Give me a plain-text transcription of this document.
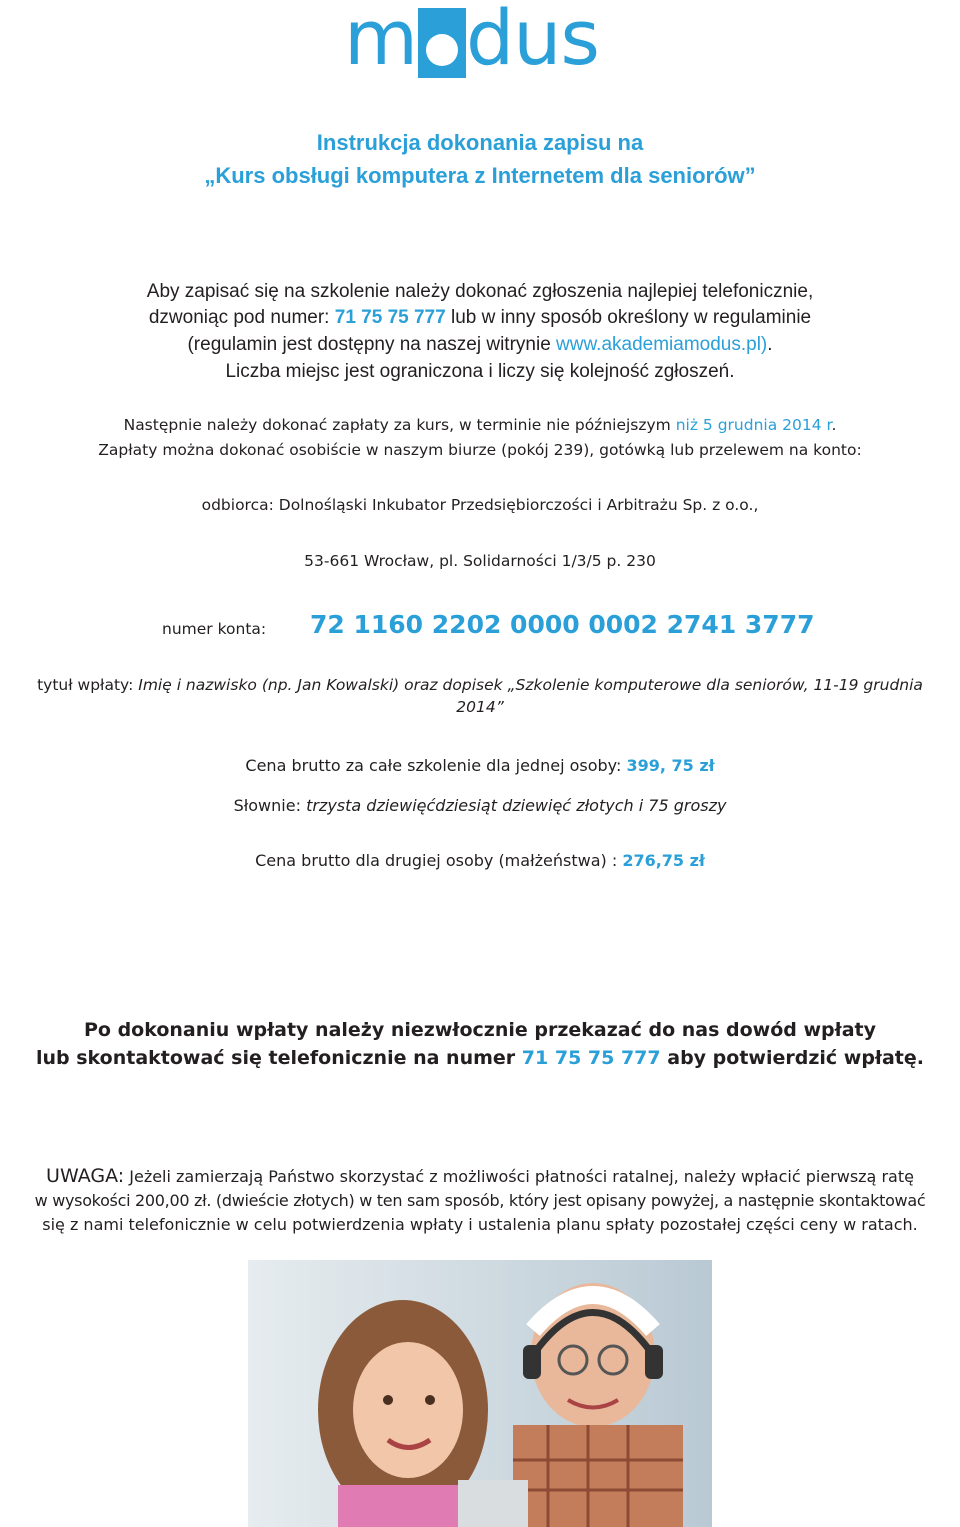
m dus
Instrukcja dokonania zapisu na
„Kurs obsługi komputera z Internetem dla seniorów”
Aby zapisać się na szkolenie należy dokonać zgłoszenia najlepiej telefonicznie,
dzwoniąc pod numer: 71 75 75 777 lub w inny sposób określony w regulaminie
(regulamin jest dostępny na naszej witrynie www.akademiamodus.pl).
Liczba miejsc jest ograniczona i liczy się kolejność zgłoszeń.
Następnie należy dokonać zapłaty za kurs, w terminie nie późniejszym niż 5 grudnia 2014 r.
Zapłaty można dokonać osobiście w naszym biurze (pokój 239), gotówką lub przelewem na konto:
odbiorca: Dolnośląski Inkubator Przedsiębiorczości i Arbitrażu Sp. z o.o.,
53-661 Wrocław, pl. Solidarności 1/3/5 p. 230
numer konta: 72 1160 2202 0000 0002 2741 3777
tytuł wpłaty: Imię i nazwisko (np. Jan Kowalski) oraz dopisek „Szkolenie komputerowe dla seniorów, 11-19 grudnia
2014”
Cena brutto za całe szkolenie dla jednej osoby: 399, 75 zł
Słownie: trzysta dziewięćdziesiąt dziewięć złotych i 75 groszy
Cena brutto dla drugiej osoby (małżeństwa) : 276,75 zł
Po dokonaniu wpłaty należy niezwłocznie przekazać do nas dowód wpłaty
lub skontaktować się telefonicznie na numer 71 75 75 777 aby potwierdzić wpłatę.
UWAGA: Jeżeli zamierzają Państwo skorzystać z możliwości płatności ratalnej, należy wpłacić pierwszą ratę
w wysokości 200,00 zł. (dwieście złotych) w ten sam sposób, który jest opisany powyżej, a następnie skontaktować
się z nami telefonicznie w celu potwierdzenia wpłaty i ustalenia planu spłaty pozostałej części ceny w ratach.
